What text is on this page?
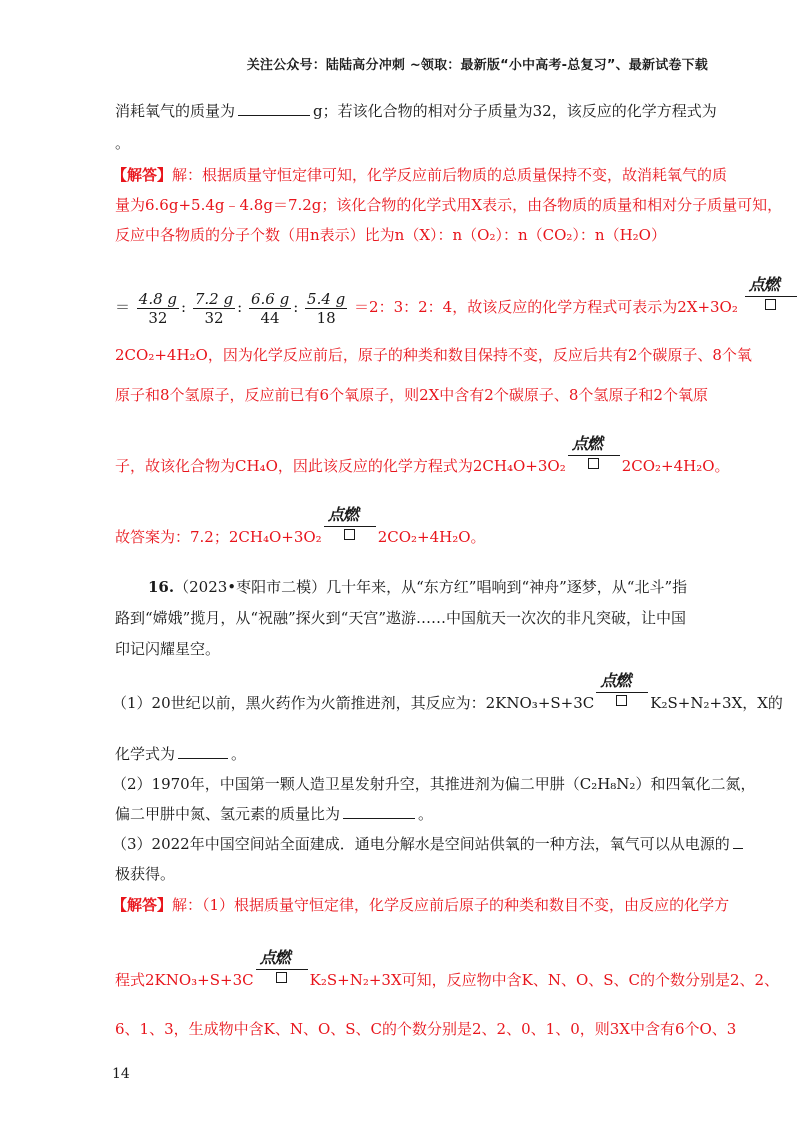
关注公众号：陆陆高分冲刺 ~领取：最新版“小中高考-总复习”、最新试卷下载
消耗氧气的质量为	g；若该化合物的相对分子质量为32，该反应的化学方程式为
。
【解答】解：根据质量守恒定律可知，化学反应前后物质的总质量保持不变，故消耗氧气的质
量为6.6g+5.4g﹣4.8g＝7.2g；该化合物的化学式用X表示，由各物质的质量和相对分子质量可知，
反应中各物质的分子个数（用n表示）比为n（X）：n（O₂）：n（CO₂）：n（H₂O）
＝ $\frac{4.8 g}{32}$ : $\frac{7.2 g}{32}$ : $\frac{6.6 g}{44}$ : $\frac{5.4 g}{18} =2$：3：2：4，故该反应的化学方程式可表示为2X+3O₂
点燃
2CO₂+4H₂O，因为化学反应前后，原子的种类和数目保持不变，反应后共有2个碳原子、8个氧
原子和8个氢原子，反应前已有6个氧原子，则2X中含有2个碳原子、8个氢原子和2个氧原
子，故该化合物为CH₄O，因此该反应的化学方程式为2CH₄O+3O₂
点燃
2CO₂+4H₂O。
故答案为：7.2；2CH₄O+3O₂
点燃
2CO₂+4H₂O。
16.（2023•枣阳市二模）几十年来，从“东方红”唱响到“神舟”逐梦，从“北斗”指
路到“嫦娥”揽月，从“祝融”探火到“天宫”遨游……中国航天一次次的非凡突破，让中国
印记闪耀星空。
（1）20世纪以前，黑火药作为火箭推进剂，其反应为：2KNO₃+S+3C
点燃
K₂S+N₂+3X，X的
化学式为	。
（2）1970年，中国第一颗人造卫星发射升空，其推进剂为偏二甲肼（C₂H₈N₂）和四氧化二氮，
偏二甲肼中氮、氢元素的质量比为	。
（3）2022年中国空间站全面建成．通电分解水是空间站供氧的一种方法，氧气可以从电源的
极获得。
【解答】解：（1）根据质量守恒定律，化学反应前后原子的种类和数目不变，由反应的化学方
程式2KNO₃+S+3C
点燃
K₂S+N₂+3X可知，反应物中含K、N、O、S、C的个数分别是2、2、
6、1、3，生成物中含K、N、O、S、C的个数分别是2、2、0、1、0，则3X中含有6个O、3
14
